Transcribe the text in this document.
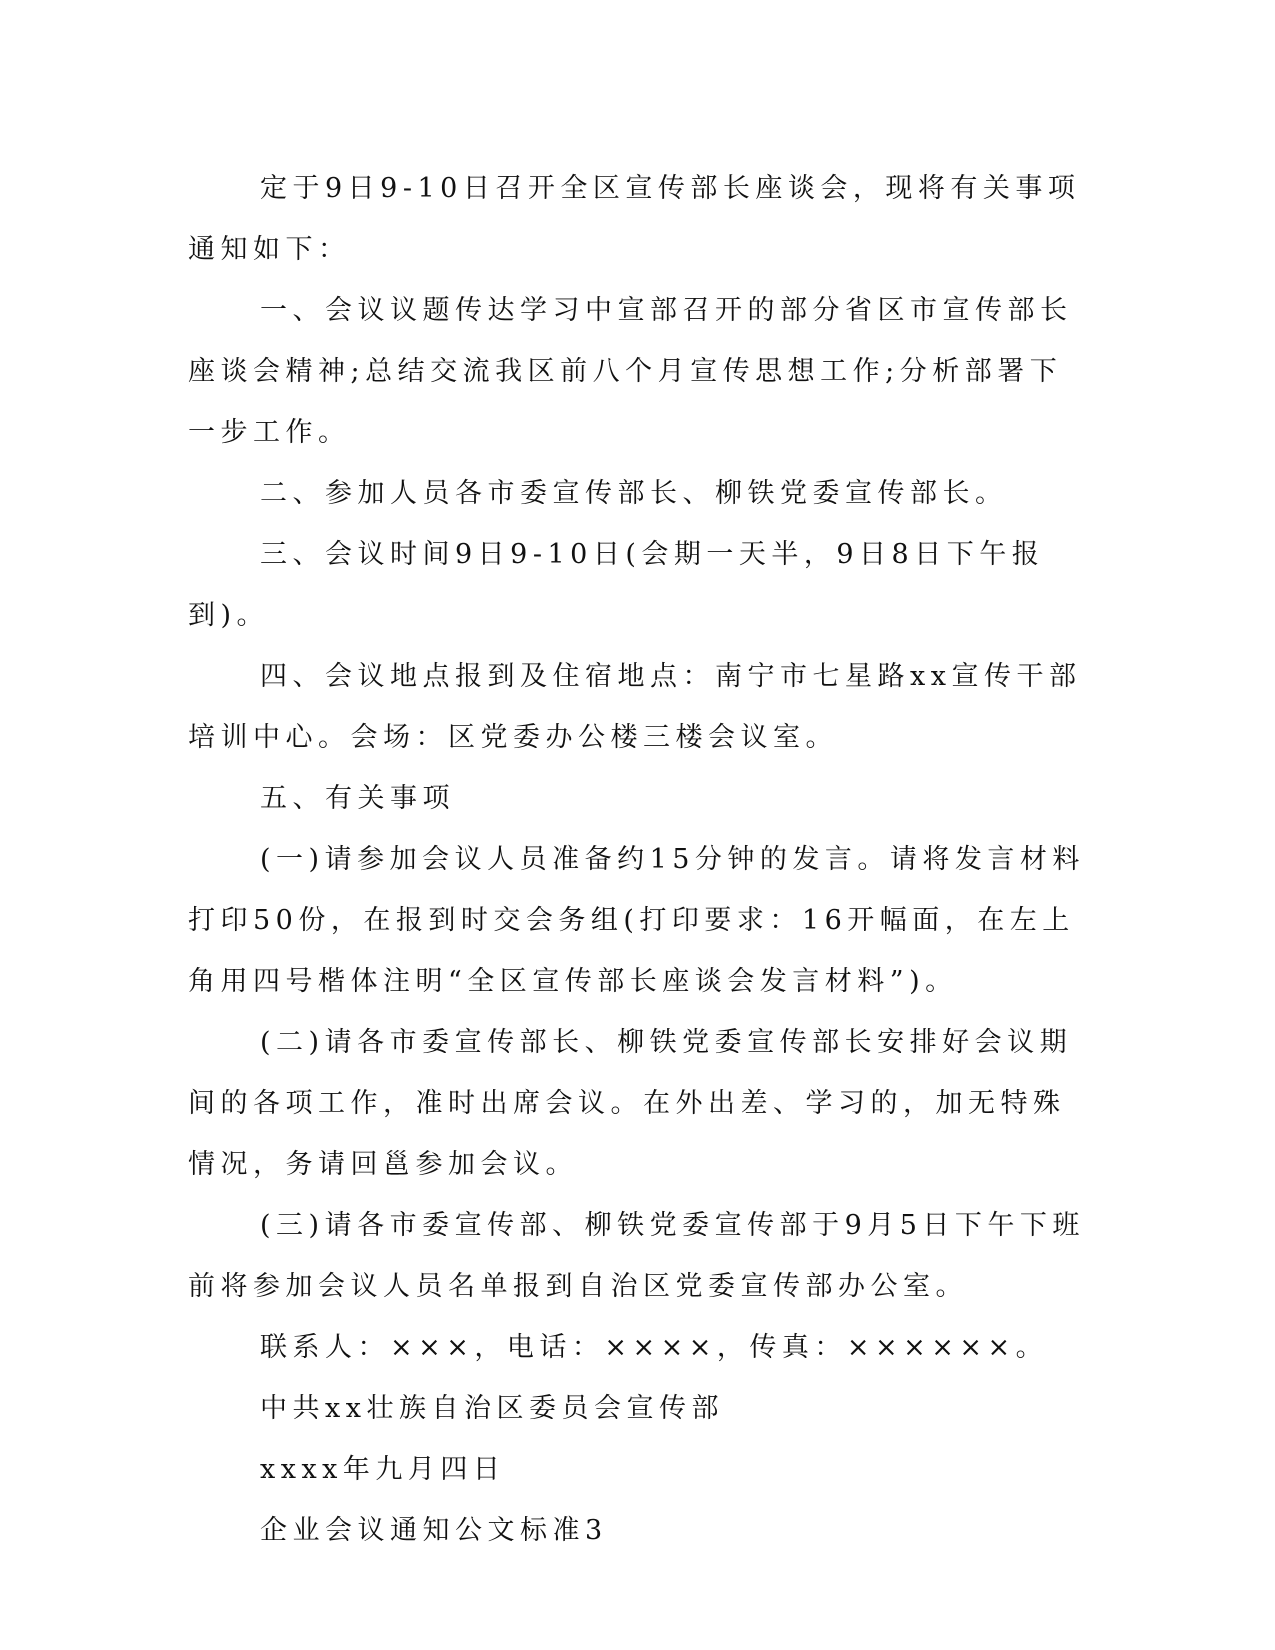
定于9日9-10日召开全区宣传部长座谈会，现将有关事项通知如下：

一、会议议题传达学习中宣部召开的部分省区市宣传部长座谈会精神;总结交流我区前八个月宣传思想工作;分析部署下一步工作。

二、参加人员各市委宣传部长、柳铁党委宣传部长。

三、会议时间9日9-10日(会期一天半，9日8日下午报到)。

四、会议地点报到及住宿地点：南宁市七星路xx宣传干部培训中心。会场：区党委办公楼三楼会议室。

五、有关事项

(一)请参加会议人员准备约15分钟的发言。请将发言材料打印50份，在报到时交会务组(打印要求：16开幅面，在左上角用四号楷体注明“全区宣传部长座谈会发言材料”)。

(二)请各市委宣传部长、柳铁党委宣传部长安排好会议期间的各项工作，准时出席会议。在外出差、学习的，加无特殊情况，务请回邕参加会议。

(三)请各市委宣传部、柳铁党委宣传部于9月5日下午下班前将参加会议人员名单报到自治区党委宣传部办公室。

联系人：×××，电话：××××，传真：××××××。

中共xx壮族自治区委员会宣传部

xxxx年九月四日

企业会议通知公文标准3
